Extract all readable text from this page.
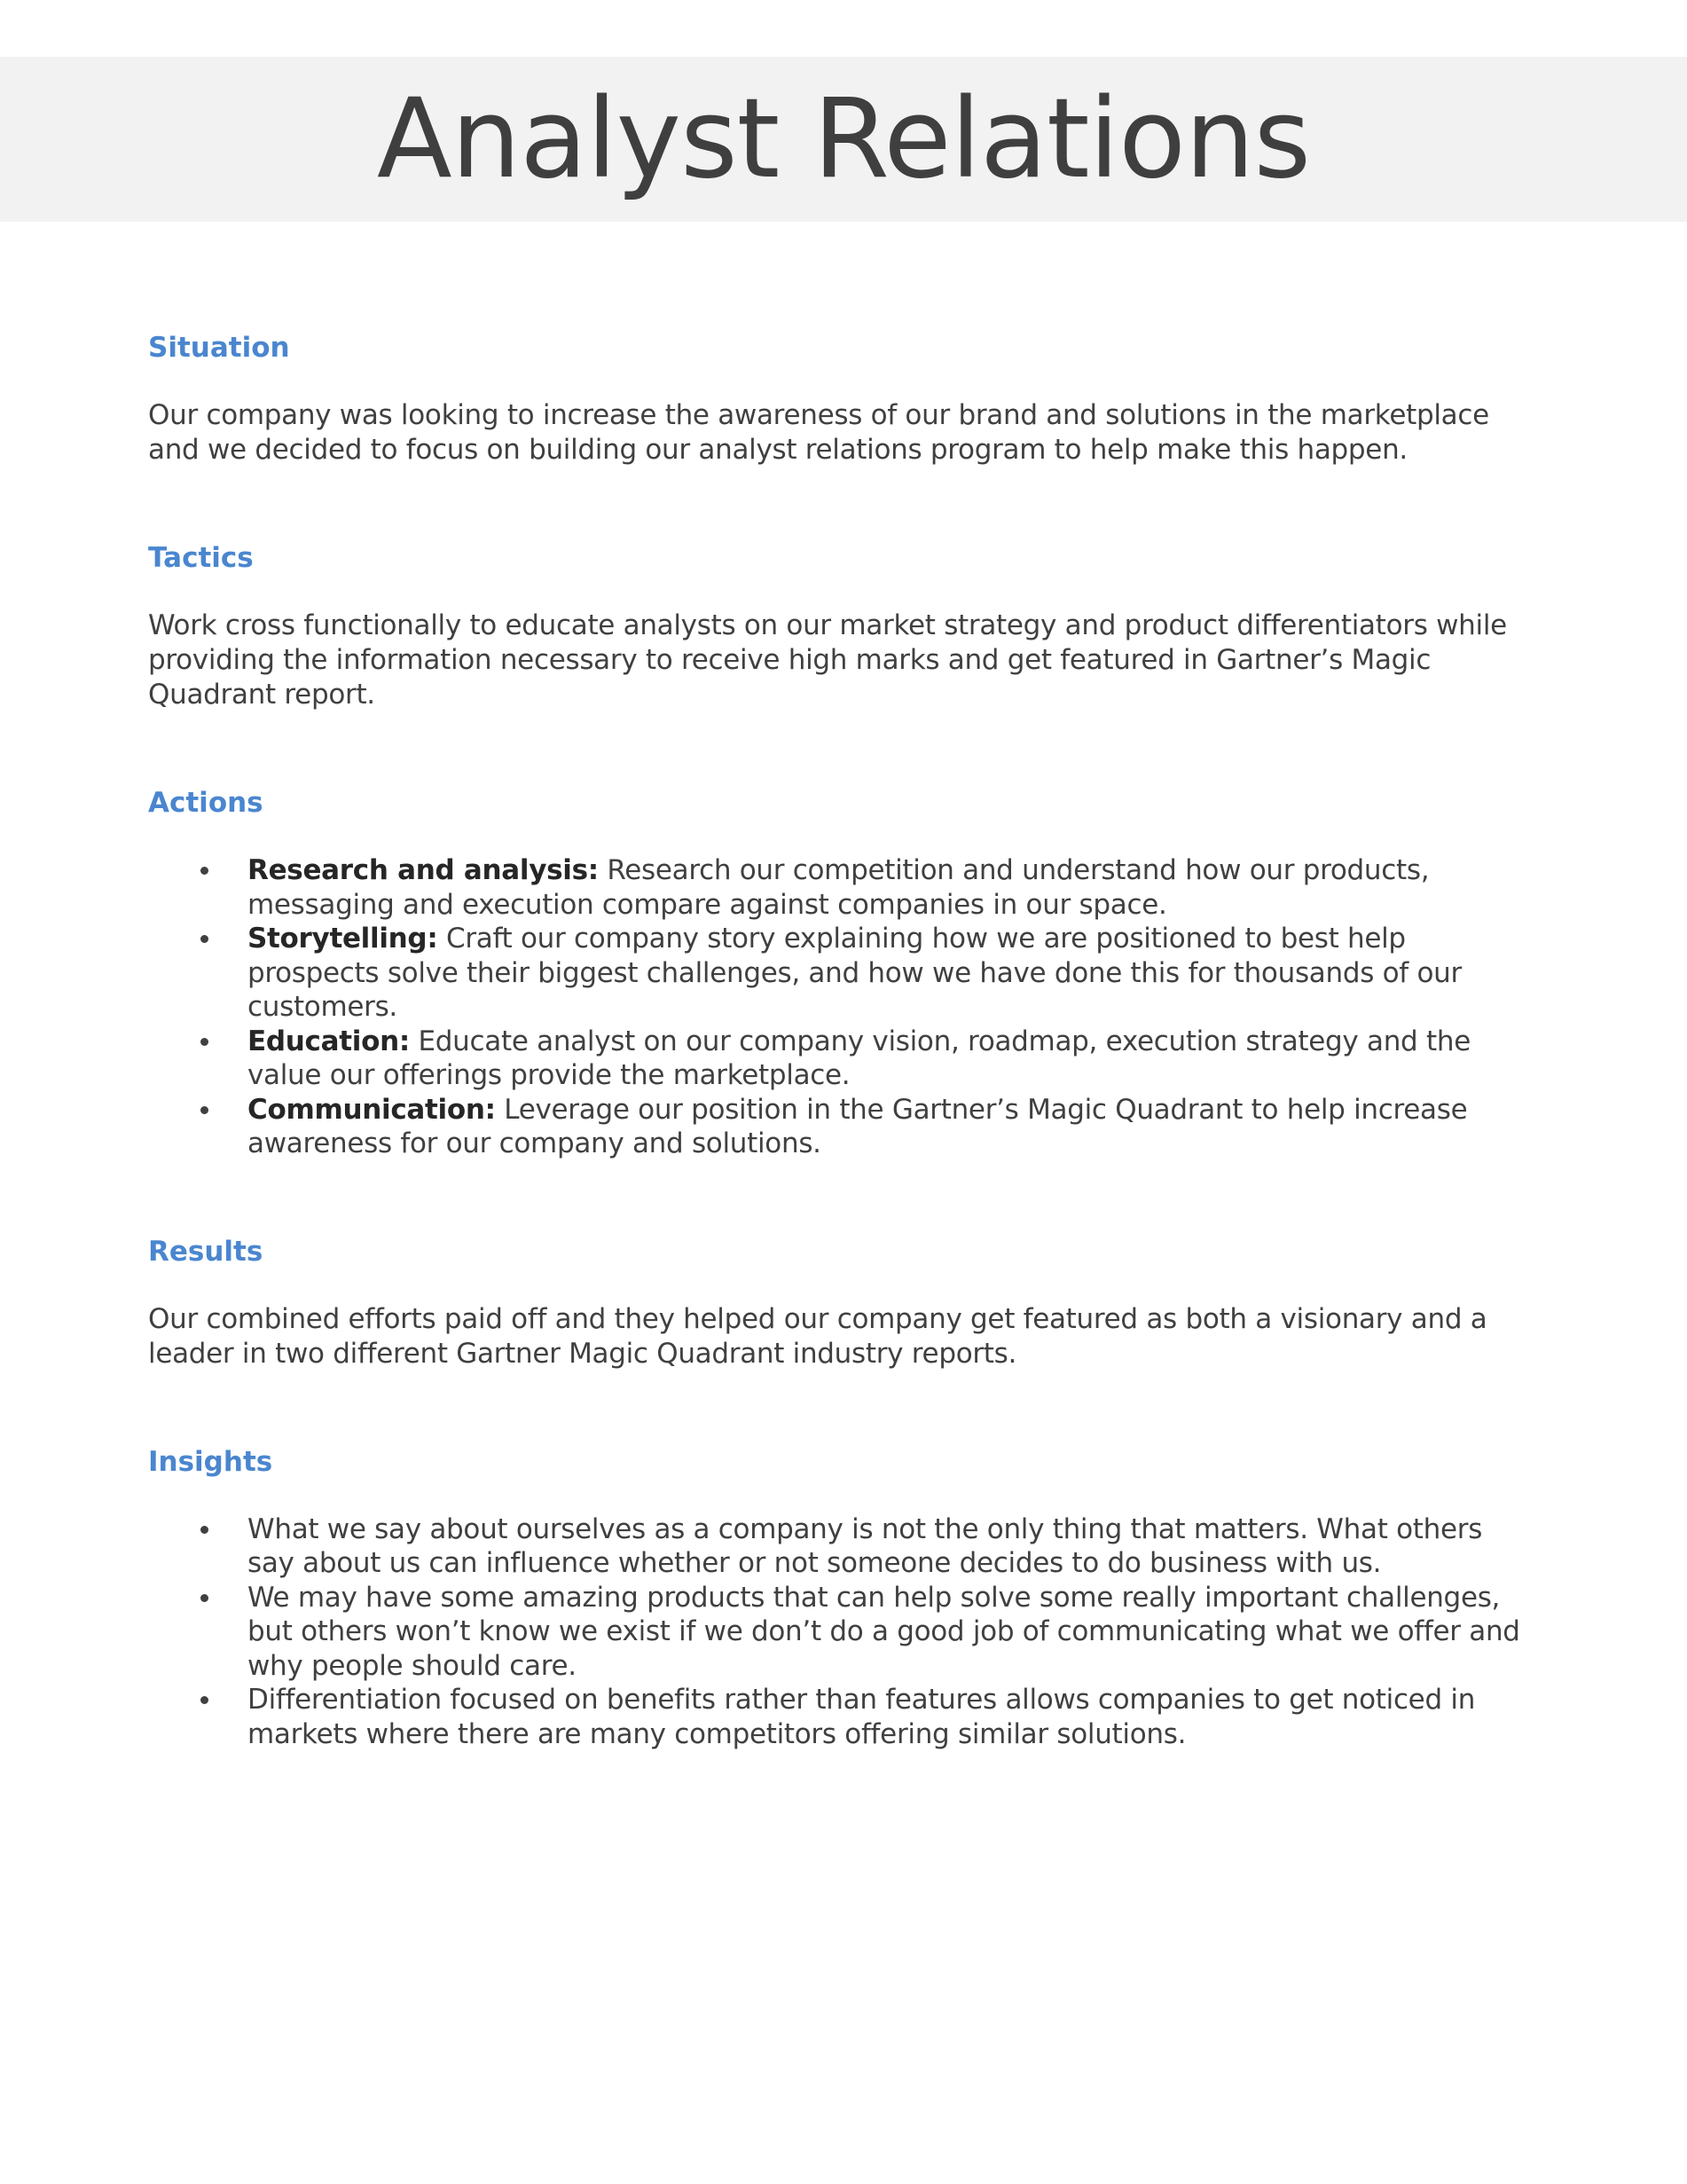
Analyst Relations
Situation

Our company was looking to increase the awareness of our brand and solutions in the marketplace and we decided to focus on building our analyst relations program to help make this happen.

Tactics

Work cross functionally to educate analysts on our market strategy and product differentiators while providing the information necessary to receive high marks and get featured in Gartner’s Magic Quadrant report.

Actions
Research and analysis: Research our competition and understand how our products, messaging and execution compare against companies in our space.
Storytelling: Craft our company story explaining how we are positioned to best help prospects solve their biggest challenges, and how we have done this for thousands of our customers.
Education: Educate analyst on our company vision, roadmap, execution strategy and the value our offerings provide the marketplace.
Communication: Leverage our position in the Gartner’s Magic Quadrant to help increase awareness for our company and solutions.
Results

Our combined efforts paid off and they helped our company get featured as both a visionary and a leader in two different Gartner Magic Quadrant industry reports.

Insights
What we say about ourselves as a company is not the only thing that matters. What others say about us can influence whether or not someone decides to do business with us.
We may have some amazing products that can help solve some really important challenges, but others won’t know we exist if we don’t do a good job of communicating what we offer and why people should care.
Differentiation focused on benefits rather than features allows companies to get noticed in markets where there are many competitors offering similar solutions.
